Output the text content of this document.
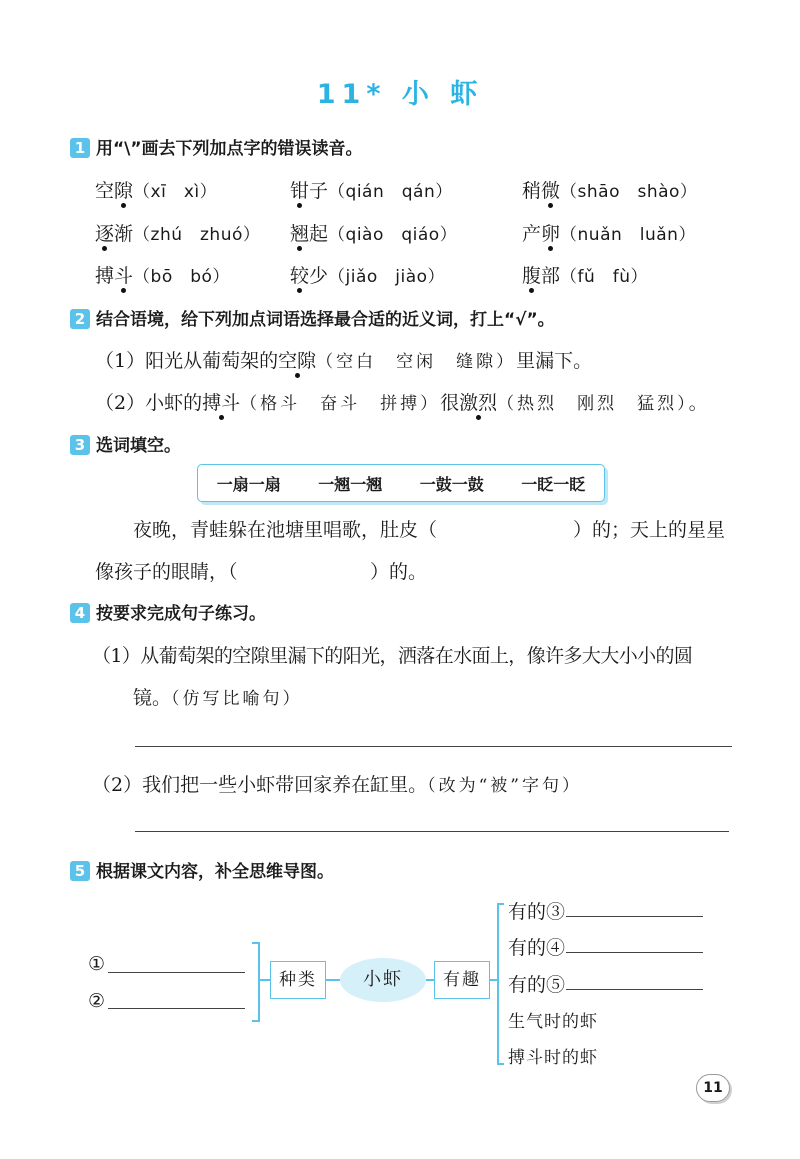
11* 小 虾
1 用“\”画去下列加点字的错误读音。
空隙（xī　xì）	钳子（qián　qán）	稍微（shāo　shào）
逐渐（zhú　zhuó） 翘起（qiào　qiáo）	产卵（nuǎn　luǎn）
搏斗（bō　bó）	较少（jiǎo　jiào）	腹部（fǔ　fù）
2 结合语境，给下列加点词语选择最合适的近义词，打上“√”。
（1）阳光从葡萄架的空隙（空白　空闲　缝隙）里漏下。
（2）小虾的搏斗（格斗　奋斗　拼搏）很激烈（热烈　刚烈　猛烈）。
3 选词填空。
一扇一扇 一翘一翘 一鼓一鼓 一眨一眨
夜晚，青蛙躲在池塘里唱歌，肚皮（	）的；天上的星星
像孩子的眼睛，（	）的。
4 按要求完成句子练习。
（1）从葡萄架的空隙里漏下的阳光，洒落在水面上，像许多大大小小的圆
镜。（仿写比喻句）
（2）我们把一些小虾带回家养在缸里。（改为“被”字句）
5 根据课文内容，补全思维导图。
①
②
种类	小虾	有趣
有的③
有的④
有的⑤
生气时的虾
搏斗时的虾
11
